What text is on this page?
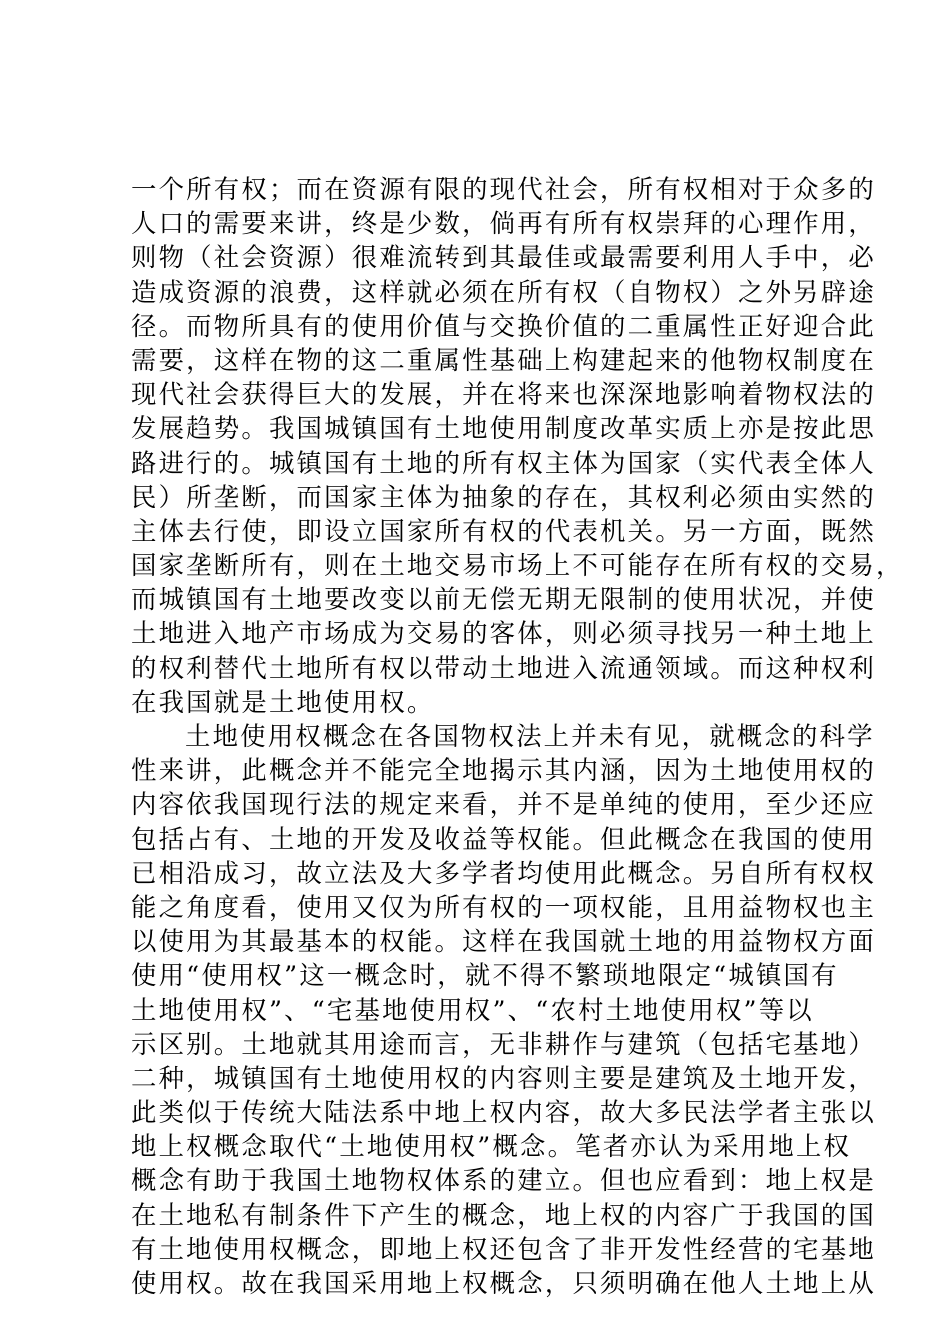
一个所有权；而在资源有限的现代社会，所有权相对于众多的
人口的需要来讲，终是少数，倘再有所有权崇拜的心理作用，
则物（社会资源）很难流转到其最佳或最需要利用人手中，必
造成资源的浪费，这样就必须在所有权（自物权）之外另辟途
径。而物所具有的使用价值与交换价值的二重属性正好迎合此
需要，这样在物的这二重属性基础上构建起来的他物权制度在
现代社会获得巨大的发展，并在将来也深深地影响着物权法的
发展趋势。我国城镇国有土地使用制度改革实质上亦是按此思
路进行的。城镇国有土地的所有权主体为国家（实代表全体人
民）所垄断，而国家主体为抽象的存在，其权利必须由实然的
主体去行使，即设立国家所有权的代表机关。另一方面，既然
国家垄断所有，则在土地交易市场上不可能存在所有权的交易，
而城镇国有土地要改变以前无偿无期无限制的使用状况，并使
土地进入地产市场成为交易的客体，则必须寻找另一种土地上
的权利替代土地所有权以带动土地进入流通领域。而这种权利
在我国就是土地使用权。
土地使用权概念在各国物权法上并未有见，就概念的科学
性来讲，此概念并不能完全地揭示其内涵，因为土地使用权的
内容依我国现行法的规定来看，并不是单纯的使用，至少还应
包括占有、土地的开发及收益等权能。但此概念在我国的使用
已相沿成习，故立法及大多学者均使用此概念。另自所有权权
能之角度看，使用又仅为所有权的一项权能，且用益物权也主
以使用为其最基本的权能。这样在我国就土地的用益物权方面
使用“使用权”这一概念时，就不得不繁琐地限定“城镇国有
土地使用权”、“宅基地使用权”、“农村土地使用权”等以
示区别。土地就其用途而言，无非耕作与建筑（包括宅基地）
二种，城镇国有土地使用权的内容则主要是建筑及土地开发，
此类似于传统大陆法系中地上权内容，故大多民法学者主张以
地上权概念取代“土地使用权”概念。笔者亦认为采用地上权
概念有助于我国土地物权体系的建立。但也应看到：地上权是
在土地私有制条件下产生的概念，地上权的内容广于我国的国
有土地使用权概念，即地上权还包含了非开发性经营的宅基地
使用权。故在我国采用地上权概念，只须明确在他人土地上从
